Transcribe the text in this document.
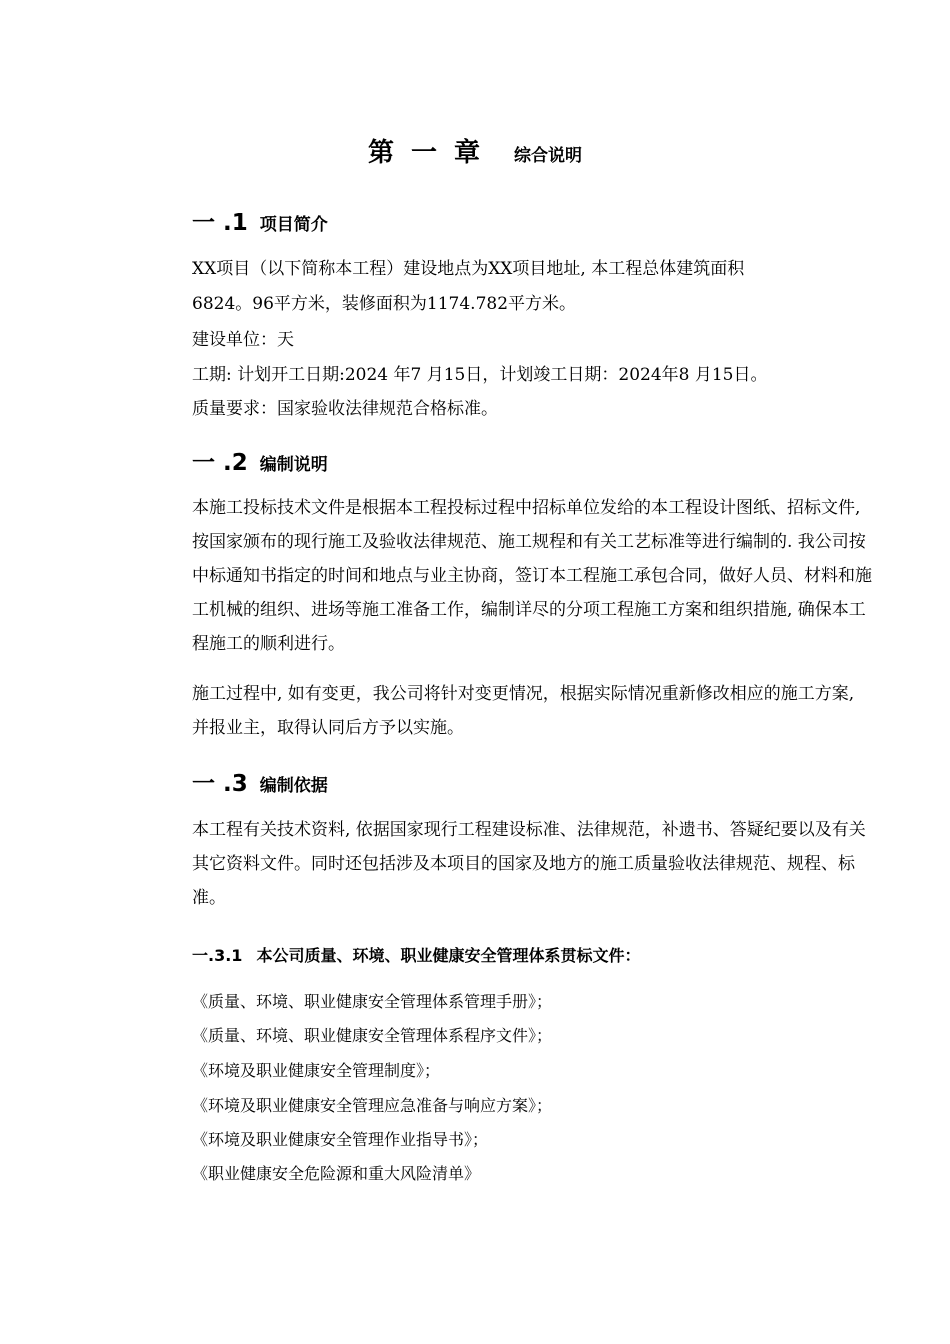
第 一 章 综合说明
一 .1 项目简介
XX项目（以下简称本工程）建设地点为XX项目地址, 本工程总体建筑面积
6824。96平方米，装修面积为1174.782平方米。
建设单位：天
工期: 计划开工日期:2024 年7 月15日，计划竣工日期：2024年8 月15日。
质量要求：国家验收法律规范合格标准。
一 .2 编制说明

本施工投标技术文件是根据本工程投标过程中招标单位发给的本工程设计图纸、招标文件, 按国家颁布的现行施工及验收法律规范、施工规程和有关工艺标准等进行编制的. 我公司按中标通知书指定的时间和地点与业主协商，签订本工程施工承包合同，做好人员、材料和施工机械的组织、进场等施工准备工作，编制详尽的分项工程施工方案和组织措施, 确保本工程施工的顺利进行。

施工过程中, 如有变更，我公司将针对变更情况，根据实际情况重新修改相应的施工方案, 并报业主，取得认同后方予以实施。

一 .3 编制依据

本工程有关技术资料, 依据国家现行工程建设标准、法律规范，补遗书、答疑纪要以及有关其它资料文件。同时还包括涉及本项目的国家及地方的施工质量验收法律规范、规程、标准。

一.3.1 本公司质量、环境、职业健康安全管理体系贯标文件：
《质量、环境、职业健康安全管理体系管理手册》；
《质量、环境、职业健康安全管理体系程序文件》；
《环境及职业健康安全管理制度》；
《环境及职业健康安全管理应急准备与响应方案》；
《环境及职业健康安全管理作业指导书》；
《职业健康安全危险源和重大风险清单》
